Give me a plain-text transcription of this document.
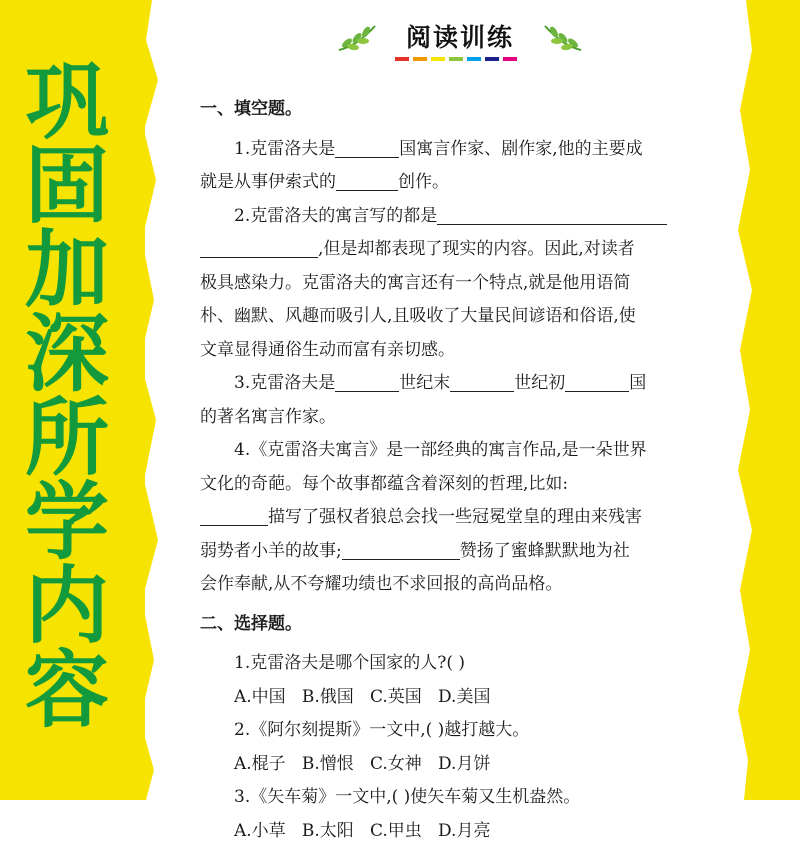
巩
固
加
深
所
学
内
容
阅读训练
一、填空题。
1.克雷洛夫是	国寓言作家、剧作家,他的主要成
就是从事伊索式的	创作。
2.克雷洛夫的寓言写的都是
,但是却都表现了现实的内容。因此,对读者
极具感染力。克雷洛夫的寓言还有一个特点,就是他用语简
朴、幽默、风趣而吸引人,且吸收了大量民间谚语和俗语,使
文章显得通俗生动而富有亲切感。
3.克雷洛夫是	世纪末	世纪初	国
的著名寓言作家。
4.《克雷洛夫寓言》是一部经典的寓言作品,是一朵世界
文化的奇葩。每个故事都蕴含着深刻的哲理,比如:
描写了强权者狼总会找一些冠冕堂皇的理由来残害
弱势者小羊的故事;	赞扬了蜜蜂默默地为社
会作奉献,从不夸耀功绩也不求回报的高尚品格。
二、选择题。
1.克雷洛夫是哪个国家的人?( )
A.中国   B.俄国   C.英国   D.美国
2.《阿尔刻提斯》一文中,( )越打越大。
A.棍子   B.憎恨   C.女神   D.月饼
3.《矢车菊》一文中,( )使矢车菊又生机盎然。
A.小草   B.太阳   C.甲虫   D.月亮
